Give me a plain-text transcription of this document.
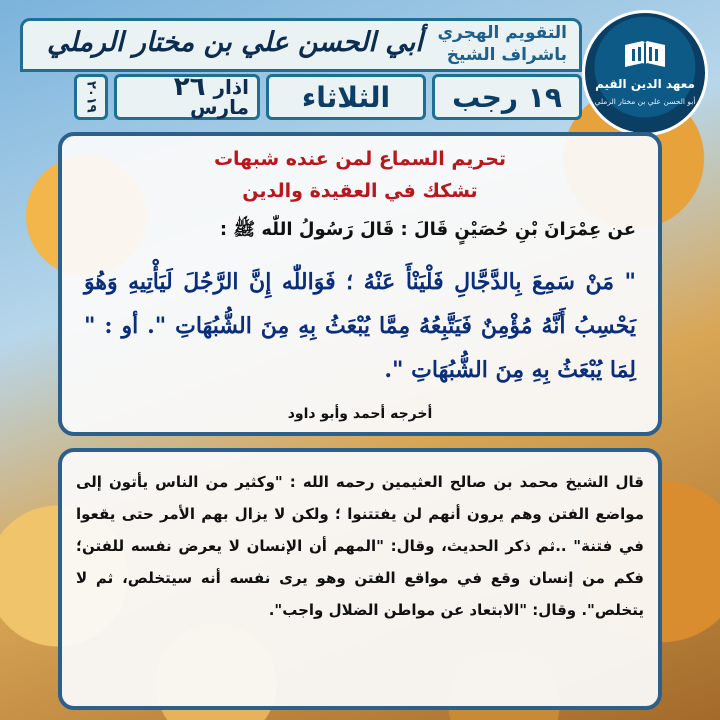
معهد الدين القيم
أبو الحسن علي بن مختار الرملي
التقويم الهجري
باشراف الشيخ
أبي الحسن علي بن مختار الرملي
١٩ رجب
الثلاثاء
اذار
٢٦
مارس
٢٠١٩
تحريم السماع لمن عنده شبهات
تشكك في العقيدة والدين
عن عِمْرَانَ بْنِ حُصَيْنٍ قَالَ : قَالَ رَسُولُ اللّٰه ﷺ :
" مَنْ سَمِعَ بِالدَّجَّالِ فَلْيَنْأَ عَنْهُ ؛ فَوَاللّٰه إِنَّ الرَّجُلَ لَيَأْتِيهِ وَهُوَ يَحْسِبُ أَنَّهُ مُؤْمِنٌ فَيَتَّبِعُهُ مِمَّا يُبْعَثُ بِهِ مِنَ الشُّبُهَاتِ ". أو : " لِمَا يُبْعَثُ بِهِ مِنَ الشُّبُهَاتِ ".
أخرجه أحمد وأبو داود
قال الشيخ محمد بن صالح العثيمين رحمه الله : "وكثير من الناس يأتون إلى مواضع الفتن وهم يرون أنهم لن يفتتنوا ؛ ولكن لا يزال بهم الأمر حتى يقعوا في فتنة" ..ثم ذكر الحديث، وقال: "المهم أن الإنسان لا يعرض نفسه للفتن؛ فكم من إنسان وقع في مواقع الفتن وهو يرى نفسه أنه سيتخلص، ثم لا يتخلص". وقال: "الابتعاد عن مواطن الضلال واجب".
